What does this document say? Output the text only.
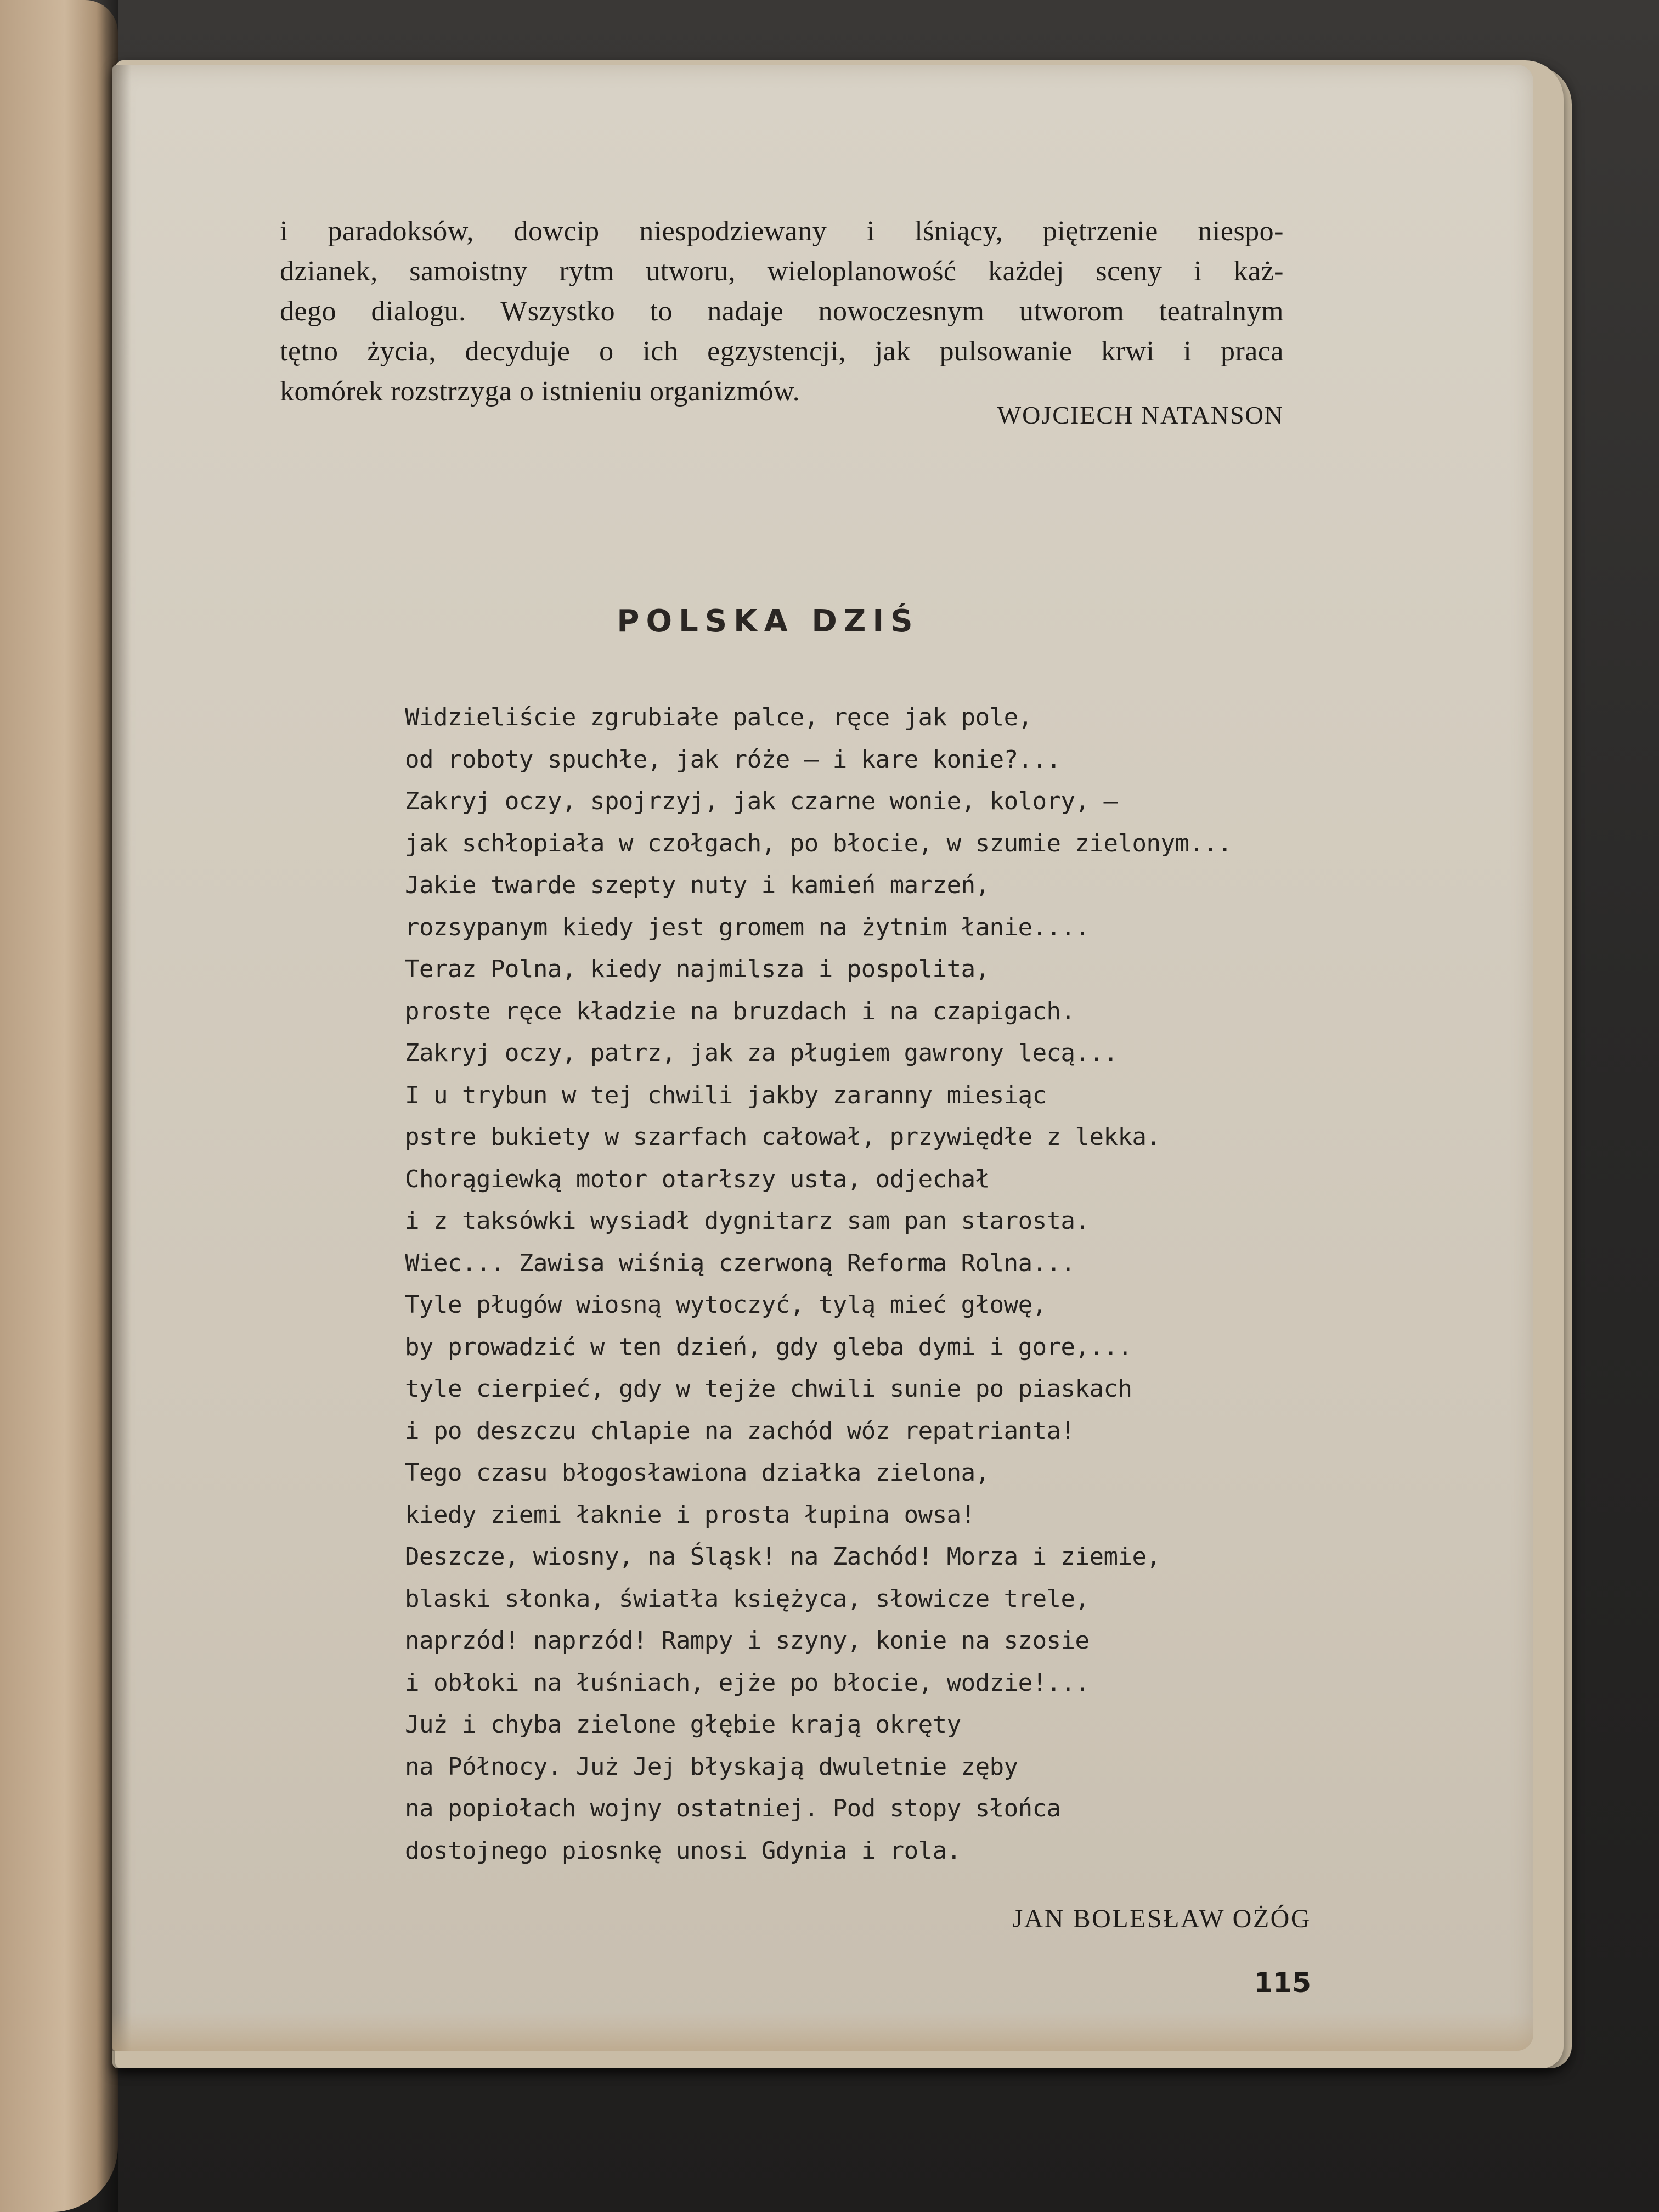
i paradoksów, dowcip niespodziewany i lśniący, piętrzenie niespo-
dzianek, samoistny rytm utworu, wieloplanowość każdej sceny i każ-
dego dialogu. Wszystko to nadaje nowoczesnym utworom teatralnym
tętno życia, decyduje o ich egzystencji, jak pulsowanie krwi i praca
komórek rozstrzyga o istnieniu organizmów.
WOJCIECH NATANSON
POLSKA DZIŚ
Widzieliście zgrubiałe palce, ręce jak pole,
od roboty spuchłe, jak róże — i kare konie?...
Zakryj oczy, spojrzyj, jak czarne wonie, kolory, —
jak schłopiała w czołgach, po błocie, w szumie zielonym...
Jakie twarde szepty nuty i kamień marzeń,
rozsypanym kiedy jest gromem na żytnim łanie....
Teraz Polna, kiedy najmilsza i pospolita,
proste ręce kładzie na bruzdach i na czapigach.
Zakryj oczy, patrz, jak za pługiem gawrony lecą...
I u trybun w tej chwili jakby zaranny miesiąc
pstre bukiety w szarfach całował, przywiędłe z lekka.
Chorągiewką motor otarłszy usta, odjechał
i z taksówki wysiadł dygnitarz sam pan starosta.
Wiec... Zawisa wiśnią czerwoną Reforma Rolna...
Tyle pługów wiosną wytoczyć, tylą mieć głowę,
by prowadzić w ten dzień, gdy gleba dymi i gore,...
tyle cierpieć, gdy w tejże chwili sunie po piaskach
i po deszczu chlapie na zachód wóz repatrianta!
Tego czasu błogosławiona działka zielona,
kiedy ziemi łaknie i prosta łupina owsa!
Deszcze, wiosny, na Śląsk! na Zachód! Morza i ziemie,
blaski słonka, światła księżyca, słowicze trele,
naprzód! naprzód! Rampy i szyny, konie na szosie
i obłoki na łuśniach, ejże po błocie, wodzie!...
Już i chyba zielone głębie krają okręty
na Północy. Już Jej błyskają dwuletnie zęby
na popiołach wojny ostatniej. Pod stopy słońca
dostojnego piosnkę unosi Gdynia i rola.
JAN BOLESŁAW OŻÓG
115
